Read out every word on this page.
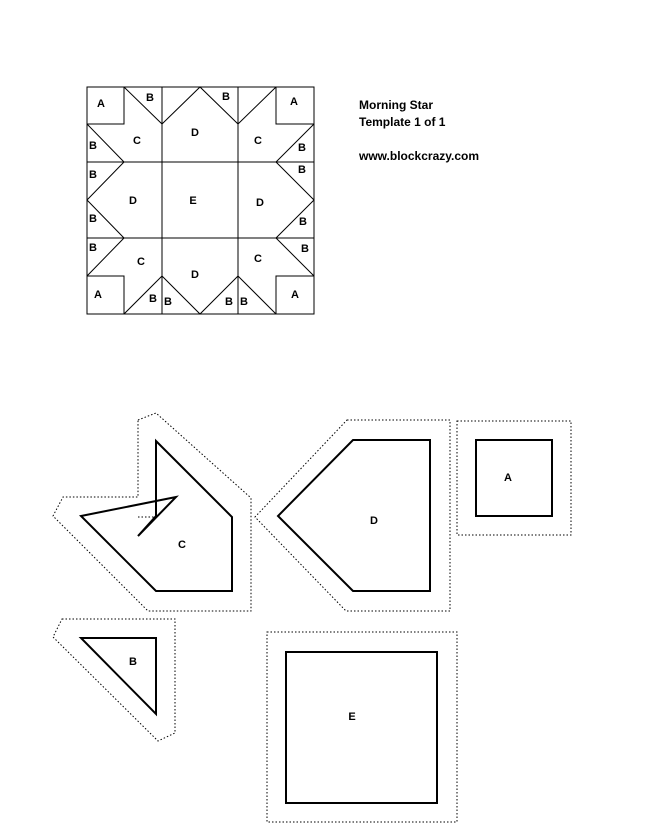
A	B
B	C
D
B	A
C
B
B
D
B
E
B
D
B
B
C
A	B B
D
B
C
B
B
A
C
D
A
B
E
Morning Star
Template 1 of 1
www.blockcrazy.com
